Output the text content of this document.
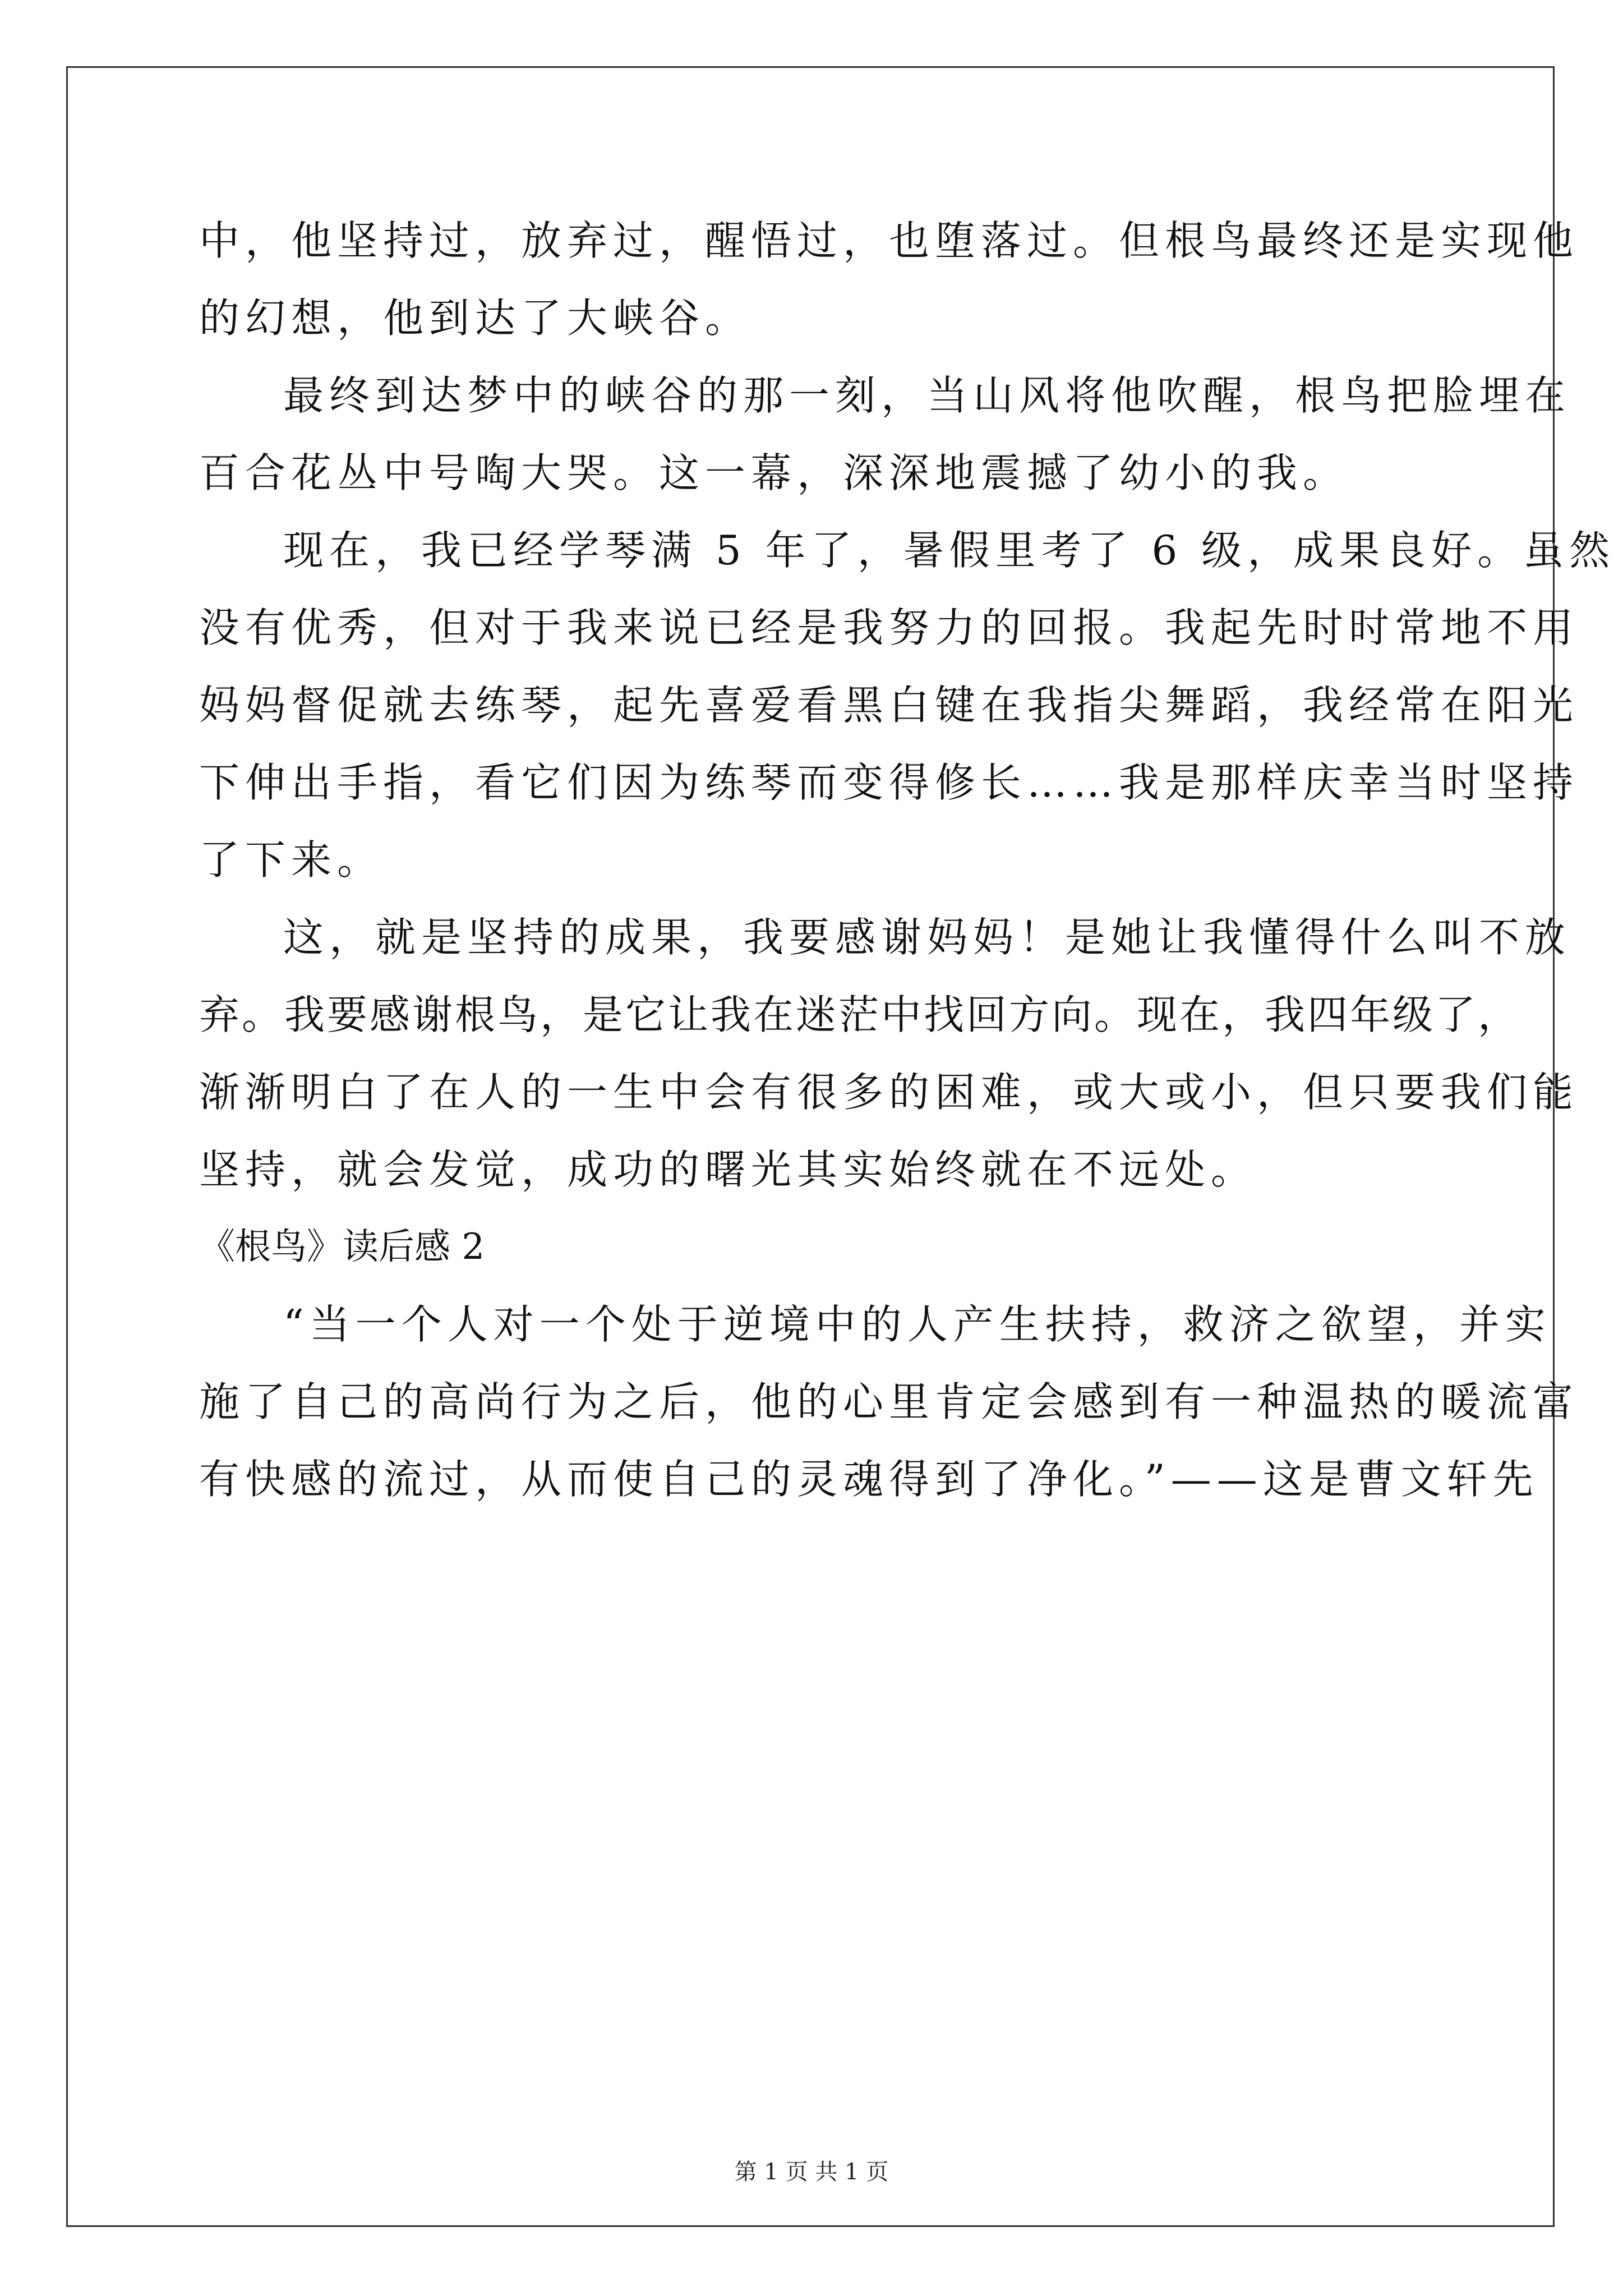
中，他坚持过，放弃过，醒悟过，也堕落过。但根鸟最终还是实现他
的幻想，他到达了大峡谷。
最终到达梦中的峡谷的那一刻，当山风将他吹醒，根鸟把脸埋在
百合花丛中号啕大哭。这一幕，深深地震撼了幼小的我。
现在，我已经学琴满 5 年了，暑假里考了 6 级，成果良好。虽然
没有优秀，但对于我来说已经是我努力的回报。我起先时时常地不用
妈妈督促就去练琴，起先喜爱看黑白键在我指尖舞蹈，我经常在阳光
下伸出手指，看它们因为练琴而变得修长……我是那样庆幸当时坚持
了下来。
这，就是坚持的成果，我要感谢妈妈！是她让我懂得什么叫不放
弃。我要感谢根鸟，是它让我在迷茫中找回方向。现在，我四年级了，
渐渐明白了在人的一生中会有很多的困难，或大或小，但只要我们能
坚持，就会发觉，成功的曙光其实始终就在不远处。
《根鸟》读后感 2
“当一个人对一个处于逆境中的人产生扶持，救济之欲望，并实
施了自己的高尚行为之后，他的心里肯定会感到有一种温热的暖流富
有快感的流过，从而使自己的灵魂得到了净化。”——这是曹文轩先
第 1 页 共 1 页
